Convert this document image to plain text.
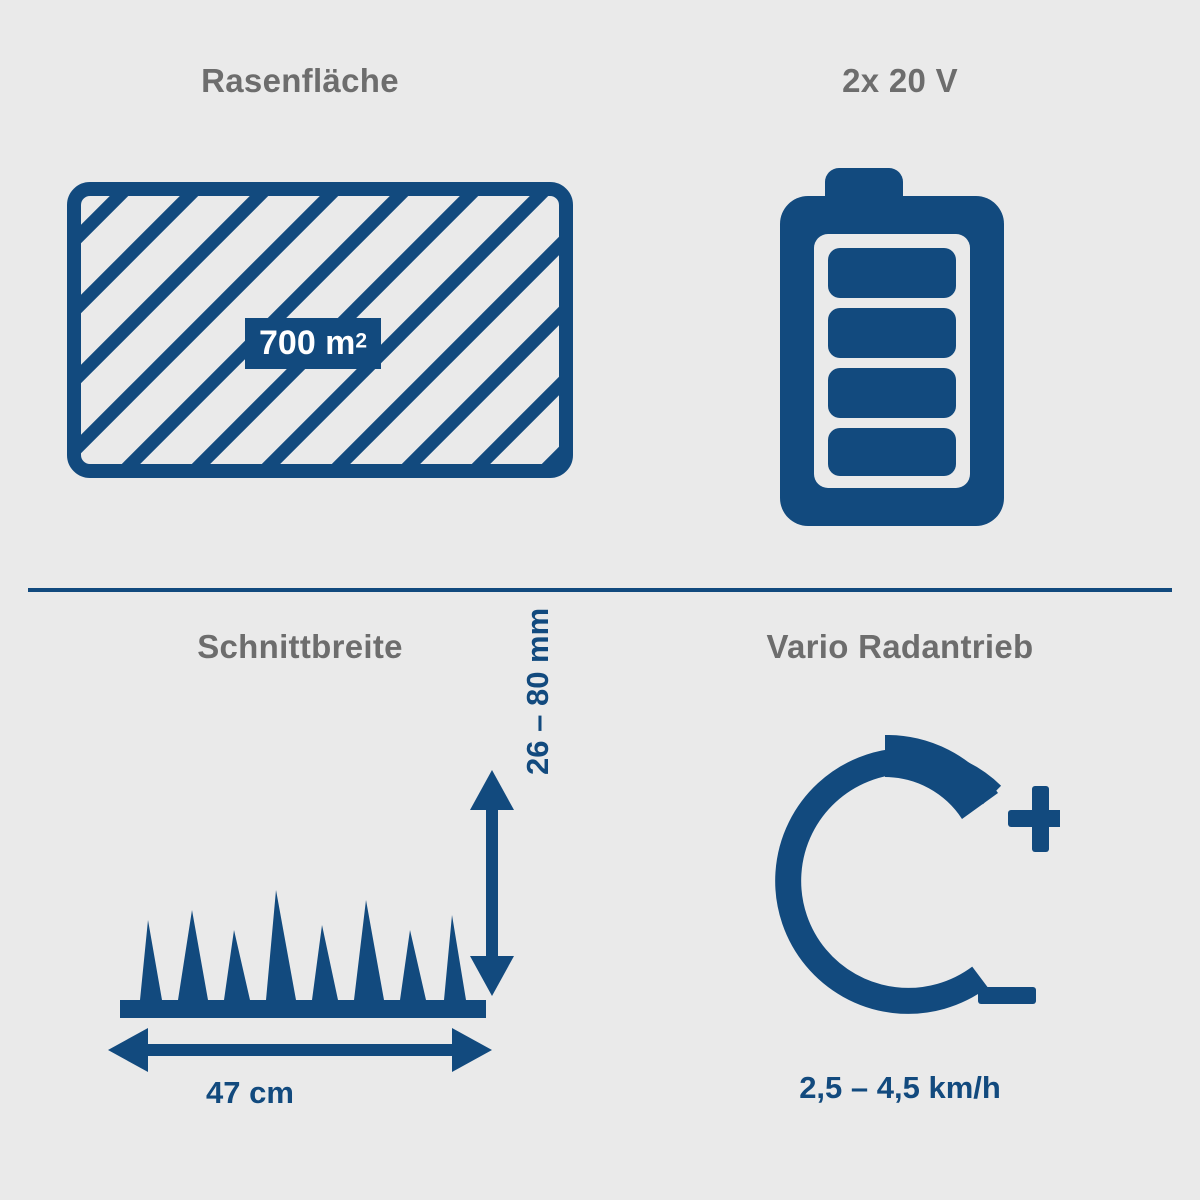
Rasenfläche
700 $m^2$
2x 20 V
Schnittbreite	26 – 80 mm
47 cm
Vario Radantrieb
2,5 – 4,5 km/h
